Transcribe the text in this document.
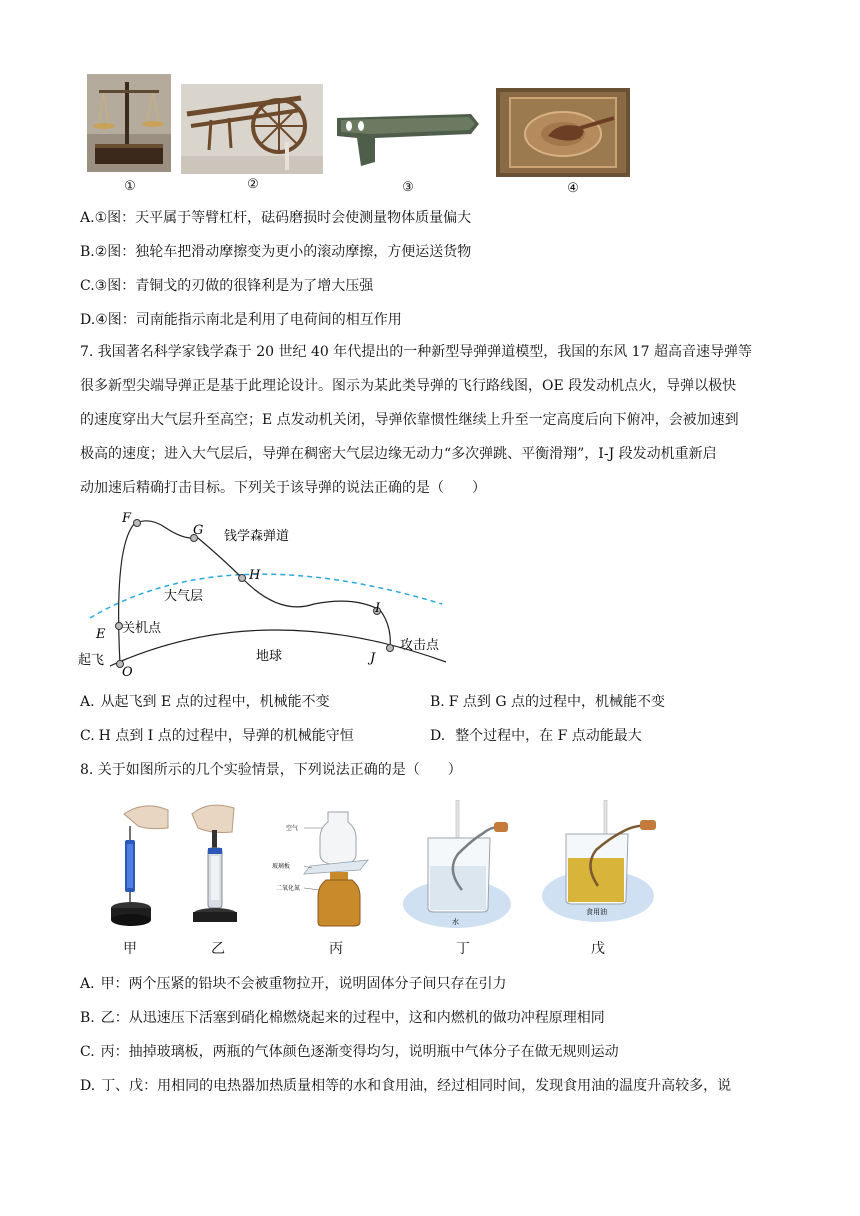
①	②	③	④
A.①图：天平属于等臂杠杆，砝码磨损时会使测量物体质量偏大
B.②图：独轮车把滑动摩擦变为更小的滚动摩擦，方便运送货物
C.③图：青铜戈的刃做的很锋利是为了增大压强
D.④图：司南能指示南北是利用了电荷间的相互作用
7. 我国著名科学家钱学森于 20 世纪 40 年代提出的一种新型导弹弹道模型，我国的东风 17 超高音速导弹等
很多新型尖端导弹正是基于此理论设计。图示为某此类导弹的飞行路线图，OE 段发动机点火，导弹以极快
的速度穿出大气层升至高空；E 点发动机关闭，导弹依靠惯性继续上升至一定高度后向下俯冲，会被加速到
极高的速度；进入大气层后，导弹在稠密大气层边缘无动力“多次弹跳、平衡滑翔”，I-J 段发动机重新启
动加速后精确打击目标。下列关于该导弹的说法正确的是（　　）
F
G
H
I
E
O
J
钱学森弹道
大气层
关机点
起飞	地球
攻击点
A. 从起飞到 E 点的过程中，机械能不变	B. F 点到 G 点的过程中，机械能不变
C. H 点到 I 点的过程中，导弹的机械能守恒	D. 整个过程中，在 F 点动能最大
8. 关于如图所示的几个实验情景，下列说法正确的是（　　）
甲	乙
空气
玻璃板
二氧化氮
丙
水
丁
食用油
戊
A. 甲：两个压紧的铅块不会被重物拉开，说明固体分子间只存在引力
B. 乙：从迅速压下活塞到硝化棉燃烧起来的过程中，这和内燃机的做功冲程原理相同
C. 丙：抽掉玻璃板，两瓶的气体颜色逐渐变得均匀，说明瓶中气体分子在做无规则运动
D. 丁、戊：用相同的电热器加热质量相等的水和食用油，经过相同时间，发现食用油的温度升高较多，说
